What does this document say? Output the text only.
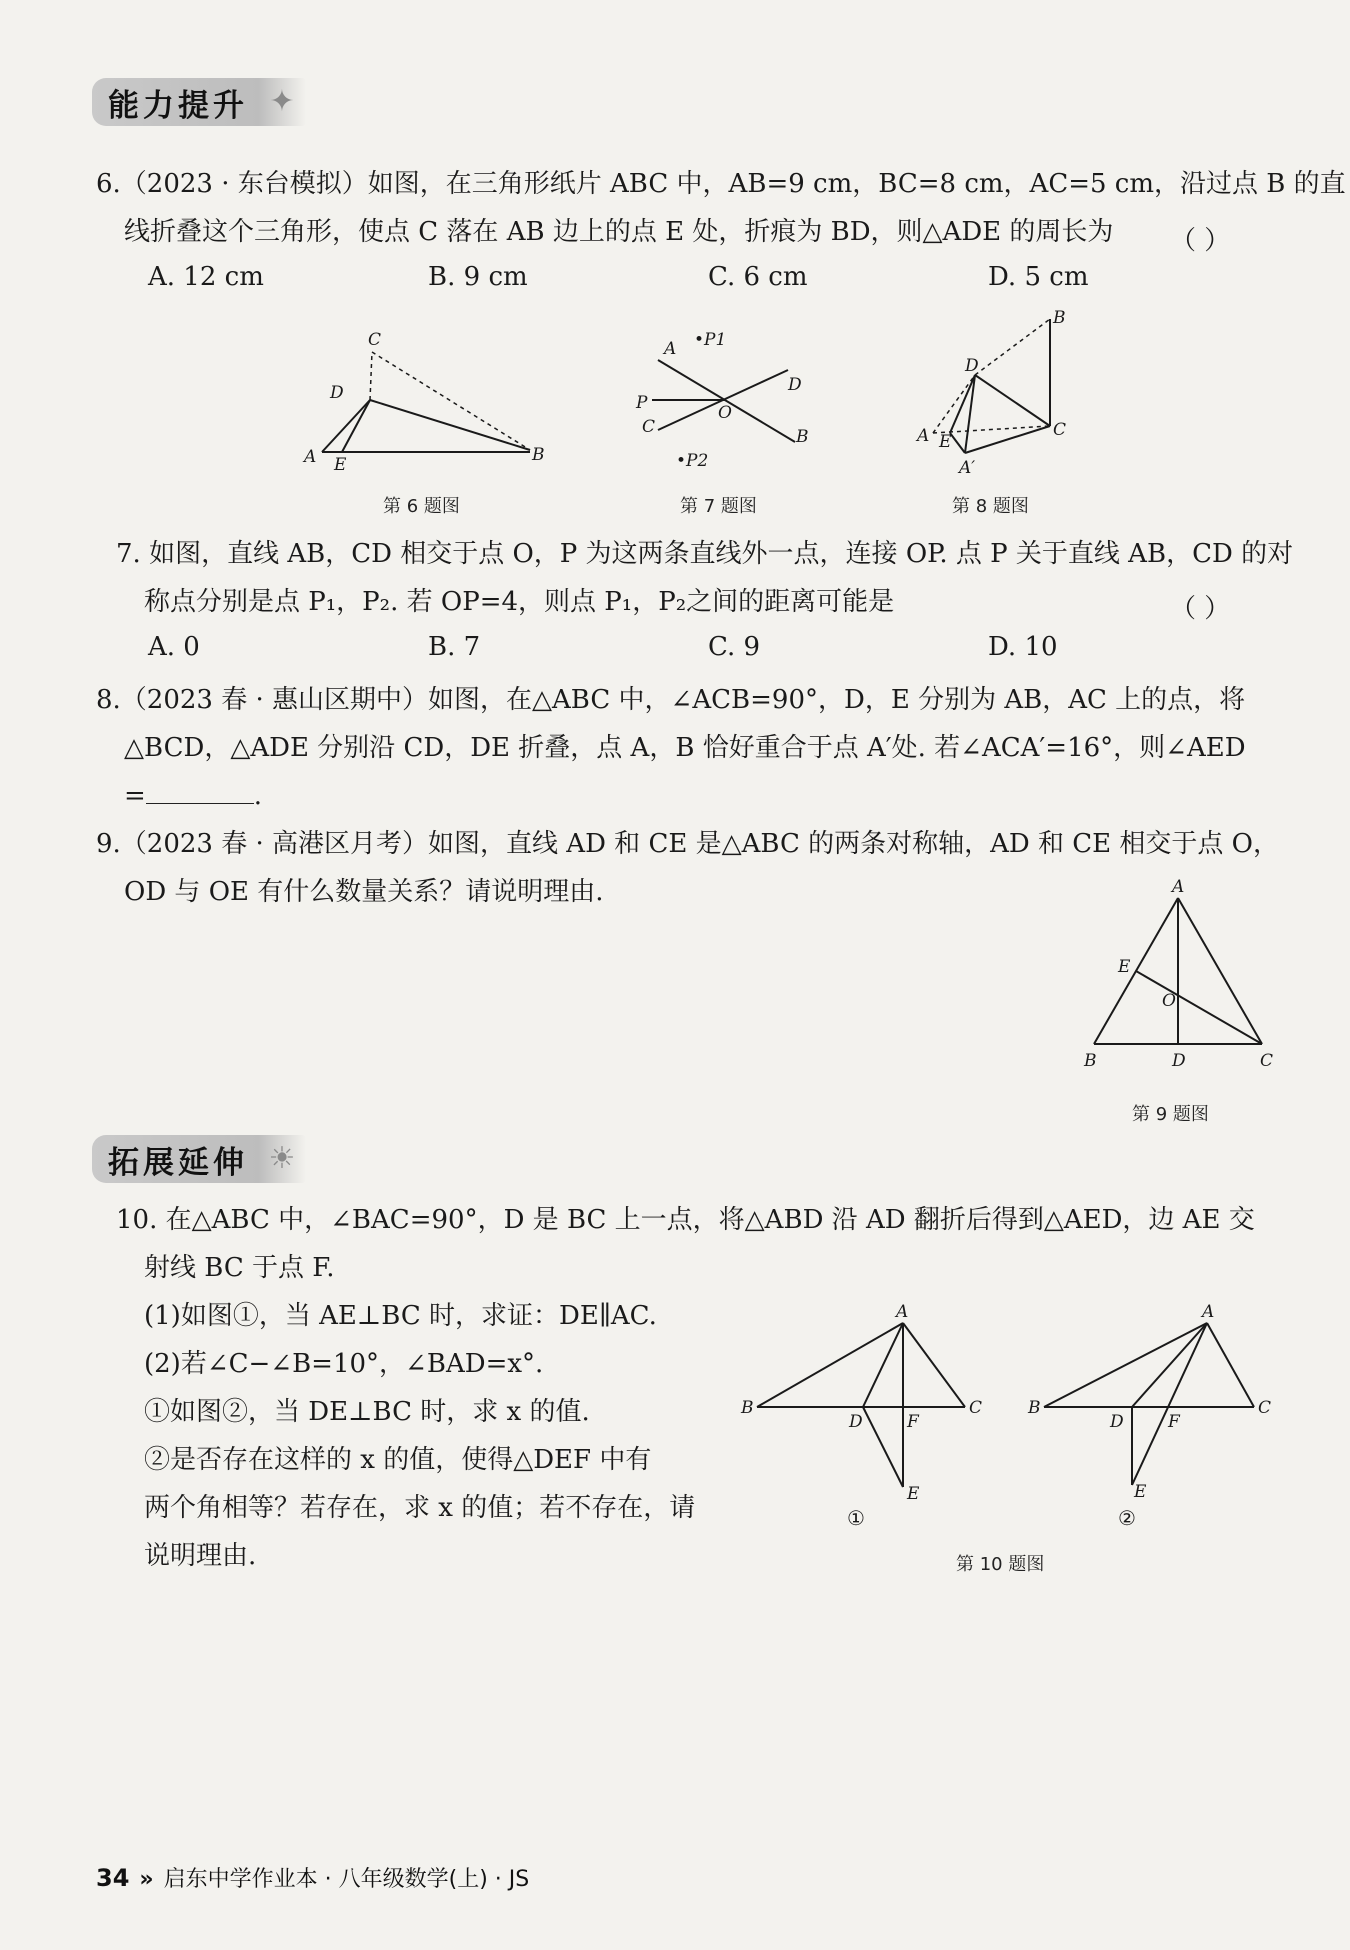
能力提升 ✦
6.（2023 · 东台模拟）如图，在三角形纸片 ABC 中，AB=9 cm，BC=8 cm，AC=5 cm，沿过点 B 的直
线折叠这个三角形，使点 C 落在 AB 边上的点 E 处，折痕为 BD，则△ADE 的周长为	（ ）
A. 12 cm	B. 9 cm	C. 6 cm	D. 5 cm
C
D
A E	B
第 6 题图
A •P1
D
P	O
C	B
•P2
第 7 题图
B
D
A E
C
A′
第 8 题图
7. 如图，直线 AB，CD 相交于点 O，P 为这两条直线外一点，连接 OP. 点 P 关于直线 AB，CD 的对
称点分别是点 P₁，P₂. 若 OP=4，则点 P₁，P₂之间的距离可能是	（ ）
A. 0	B. 7	C. 9	D. 10
8.（2023 春 · 惠山区期中）如图，在△ABC 中，∠ACB=90°，D，E 分别为 AB，AC 上的点，将
△BCD，△ADE 分别沿 CD，DE 折叠，点 A，B 恰好重合于点 A′处. 若∠ACA′=16°，则∠AED
=	.
9.（2023 春 · 高港区月考）如图，直线 AD 和 CE 是△ABC 的两条对称轴，AD 和 CE 相交于点 O，
OD 与 OE 有什么数量关系？请说明理由.	A
E
O
B	D	C
第 9 题图
拓展延伸 ☀
10. 在△ABC 中，∠BAC=90°，D 是 BC 上一点，将△ABD 沿 AD 翻折后得到△AED，边 AE 交
射线 BC 于点 F.
(1)如图①，当 AE⊥BC 时，求证：DE∥AC.
(2)若∠C−∠B=10°，∠BAD=x°.
①如图②，当 DE⊥BC 时，求 x 的值.
②是否存在这样的 x 的值，使得△DEF 中有
两个角相等？若存在，求 x 的值；若不存在，请
说明理由.
A
B
D	F
C
E
①
A
B
D	F
C
E
②
第 10 题图
34 » 启东中学作业本 · 八年级数学(上) · JS
